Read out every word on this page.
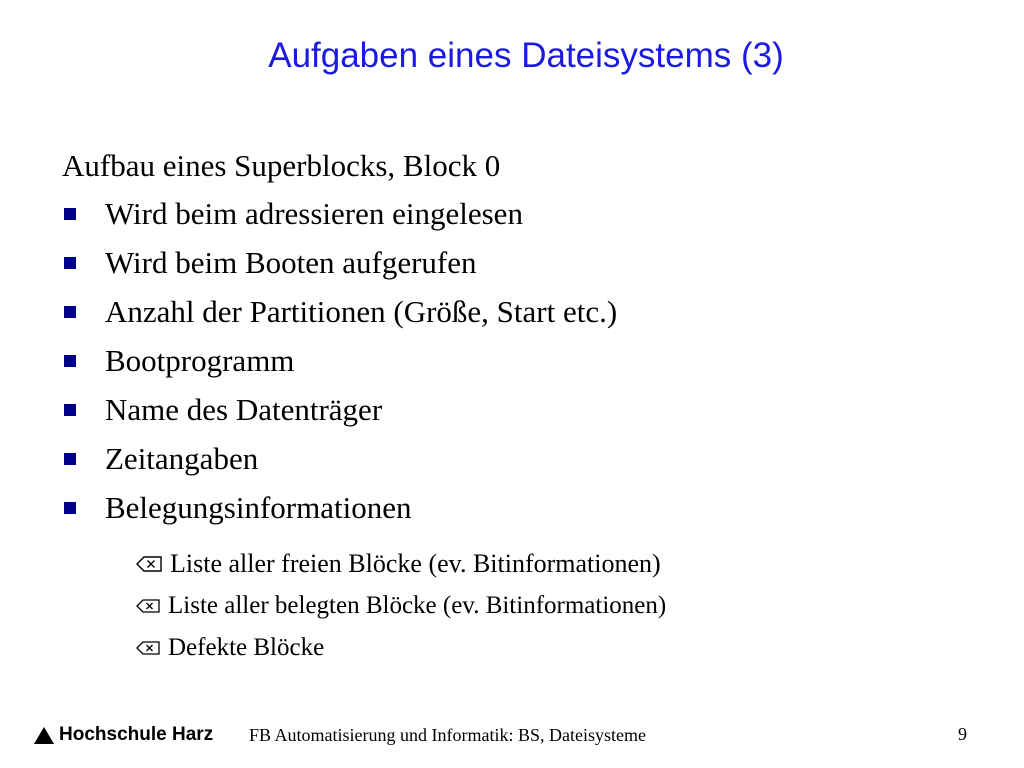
Aufgaben eines Dateisystems (3)
Aufbau eines Superblocks, Block 0
Wird beim adressieren eingelesen
Wird beim Booten aufgerufen
Anzahl der Partitionen (Größe, Start etc.)
Bootprogramm
Name des Datenträger
Zeitangaben
Belegungsinformationen
Liste aller freien Blöcke (ev. Bitinformationen)
Liste aller belegten Blöcke (ev. Bitinformationen)
Defekte Blöcke
Hochschule Harz FB Automatisierung und Informatik: BS, Dateisysteme	9
